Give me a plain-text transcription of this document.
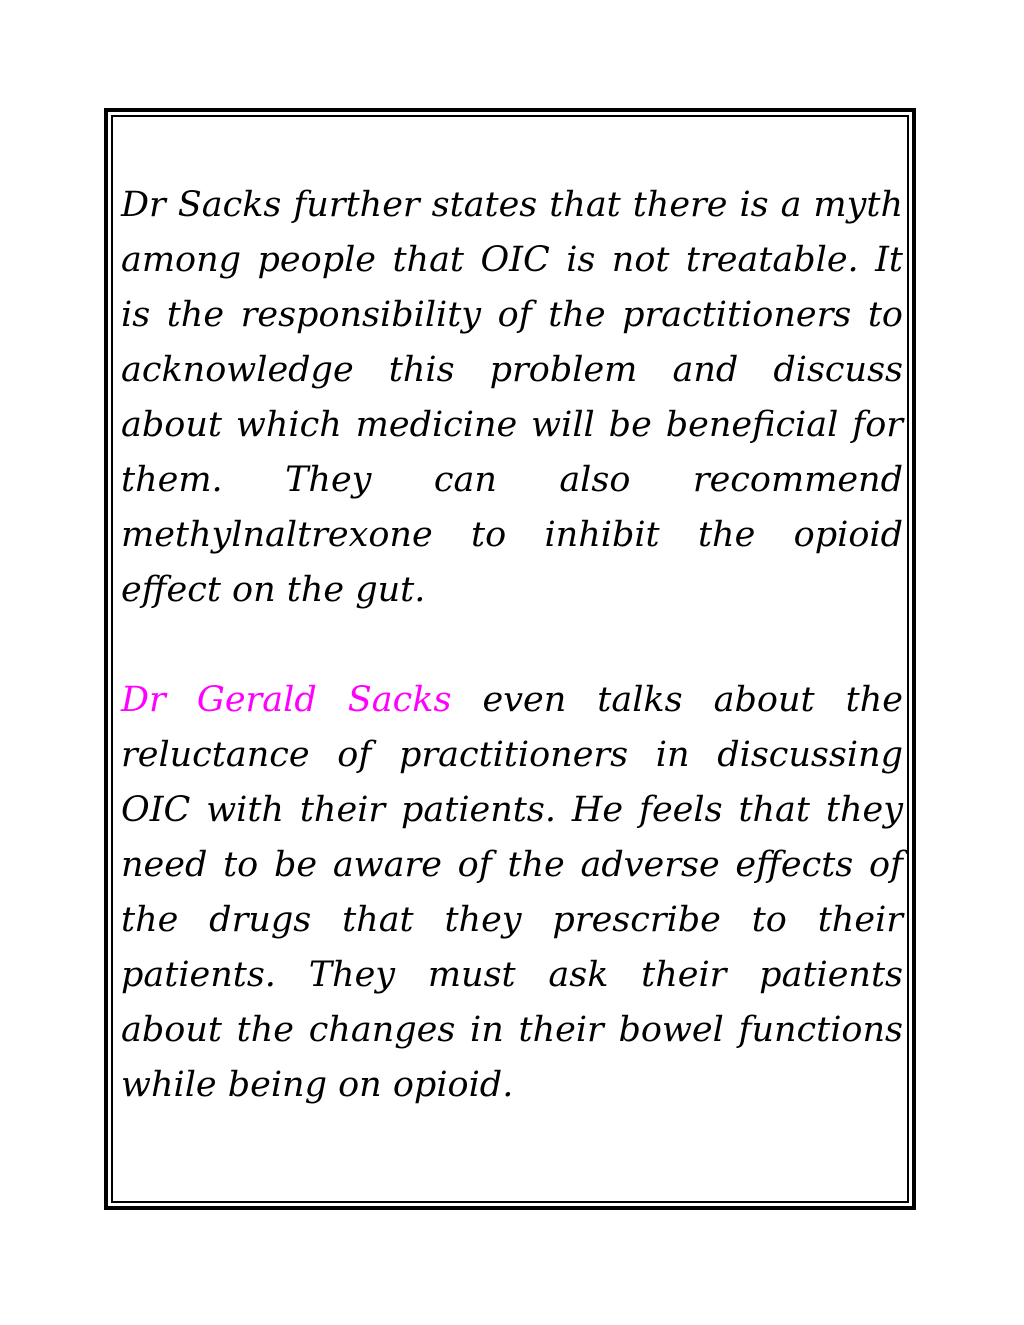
Dr Sacks further states that there is a myth among people that OIC is not treatable. It is the responsibility of the practitioners to acknowledge this problem and discuss about which medicine will be beneficial for them. They can also recommend methylnaltrexone to inhibit the opioid effect on the gut.

Dr Gerald Sacks even talks about the reluctance of practitioners in discussing OIC with their patients. He feels that they need to be aware of the adverse effects of the drugs that they prescribe to their patients. They must ask their patients about the changes in their bowel functions while being on opioid.
